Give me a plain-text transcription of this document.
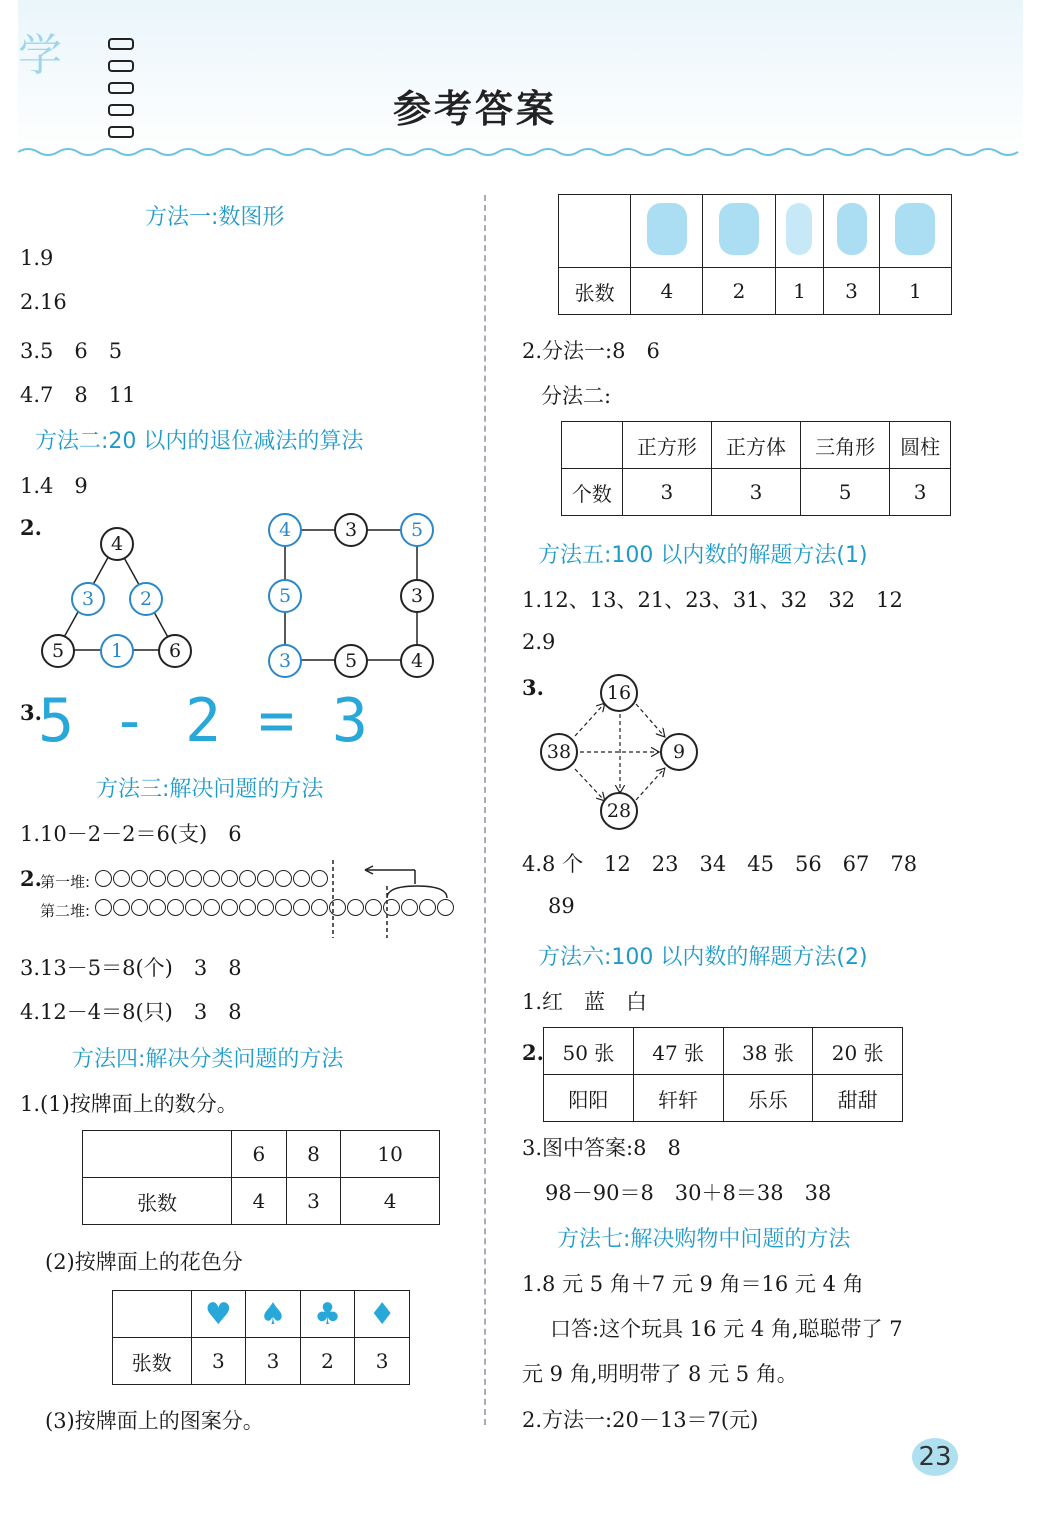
学
参考答案
方法一:数图形
1.9
2.16
3.5　6　5
4.7　8　11
方法二:20 以内的退位减法的算法
1.4　9
2.
4
3	2
5	1	6
4	3	5
5	3
3	5	4
3.
5 - 2 = 3
方法三:解决问题的方法
1.10－2－2＝6(支)　6
2.
第一堆:
第二堆:
3.13－5＝8(个)　3　8
4.12－4＝8(只)　3　8
方法四:解决分类问题的方法
1.(1)按牌面上的数分。
	6	8	10
张数	4	3	4
(2)按牌面上的花色分
	♥	♠	♣	♦
张数	3	3	2	3
(3)按牌面上的图案分。

张数	4	2	1	3	1
2.分法一:8　6
分法二:
	正方形	正方体	三角形	圆柱
个数	3	3	5	3
方法五:100 以内数的解题方法(1)
1.12、13、21、23、31、32　32　12
2.9
3.	16
38	9
28
4.8 个　12　23　34　45　56　67　78
89
方法六:100 以内数的解题方法(2)
1.红　蓝　白
2. 50 张	47 张	38 张	20 张
阳阳	轩轩	乐乐	甜甜
3.图中答案:8　8
98－90＝8　30＋8＝38　38
方法七:解决购物中问题的方法
1.8 元 5 角＋7 元 9 角＝16 元 4 角
口答:这个玩具 16 元 4 角,聪聪带了 7
元 9 角,明明带了 8 元 5 角。
2.方法一:20－13＝7(元)
23
